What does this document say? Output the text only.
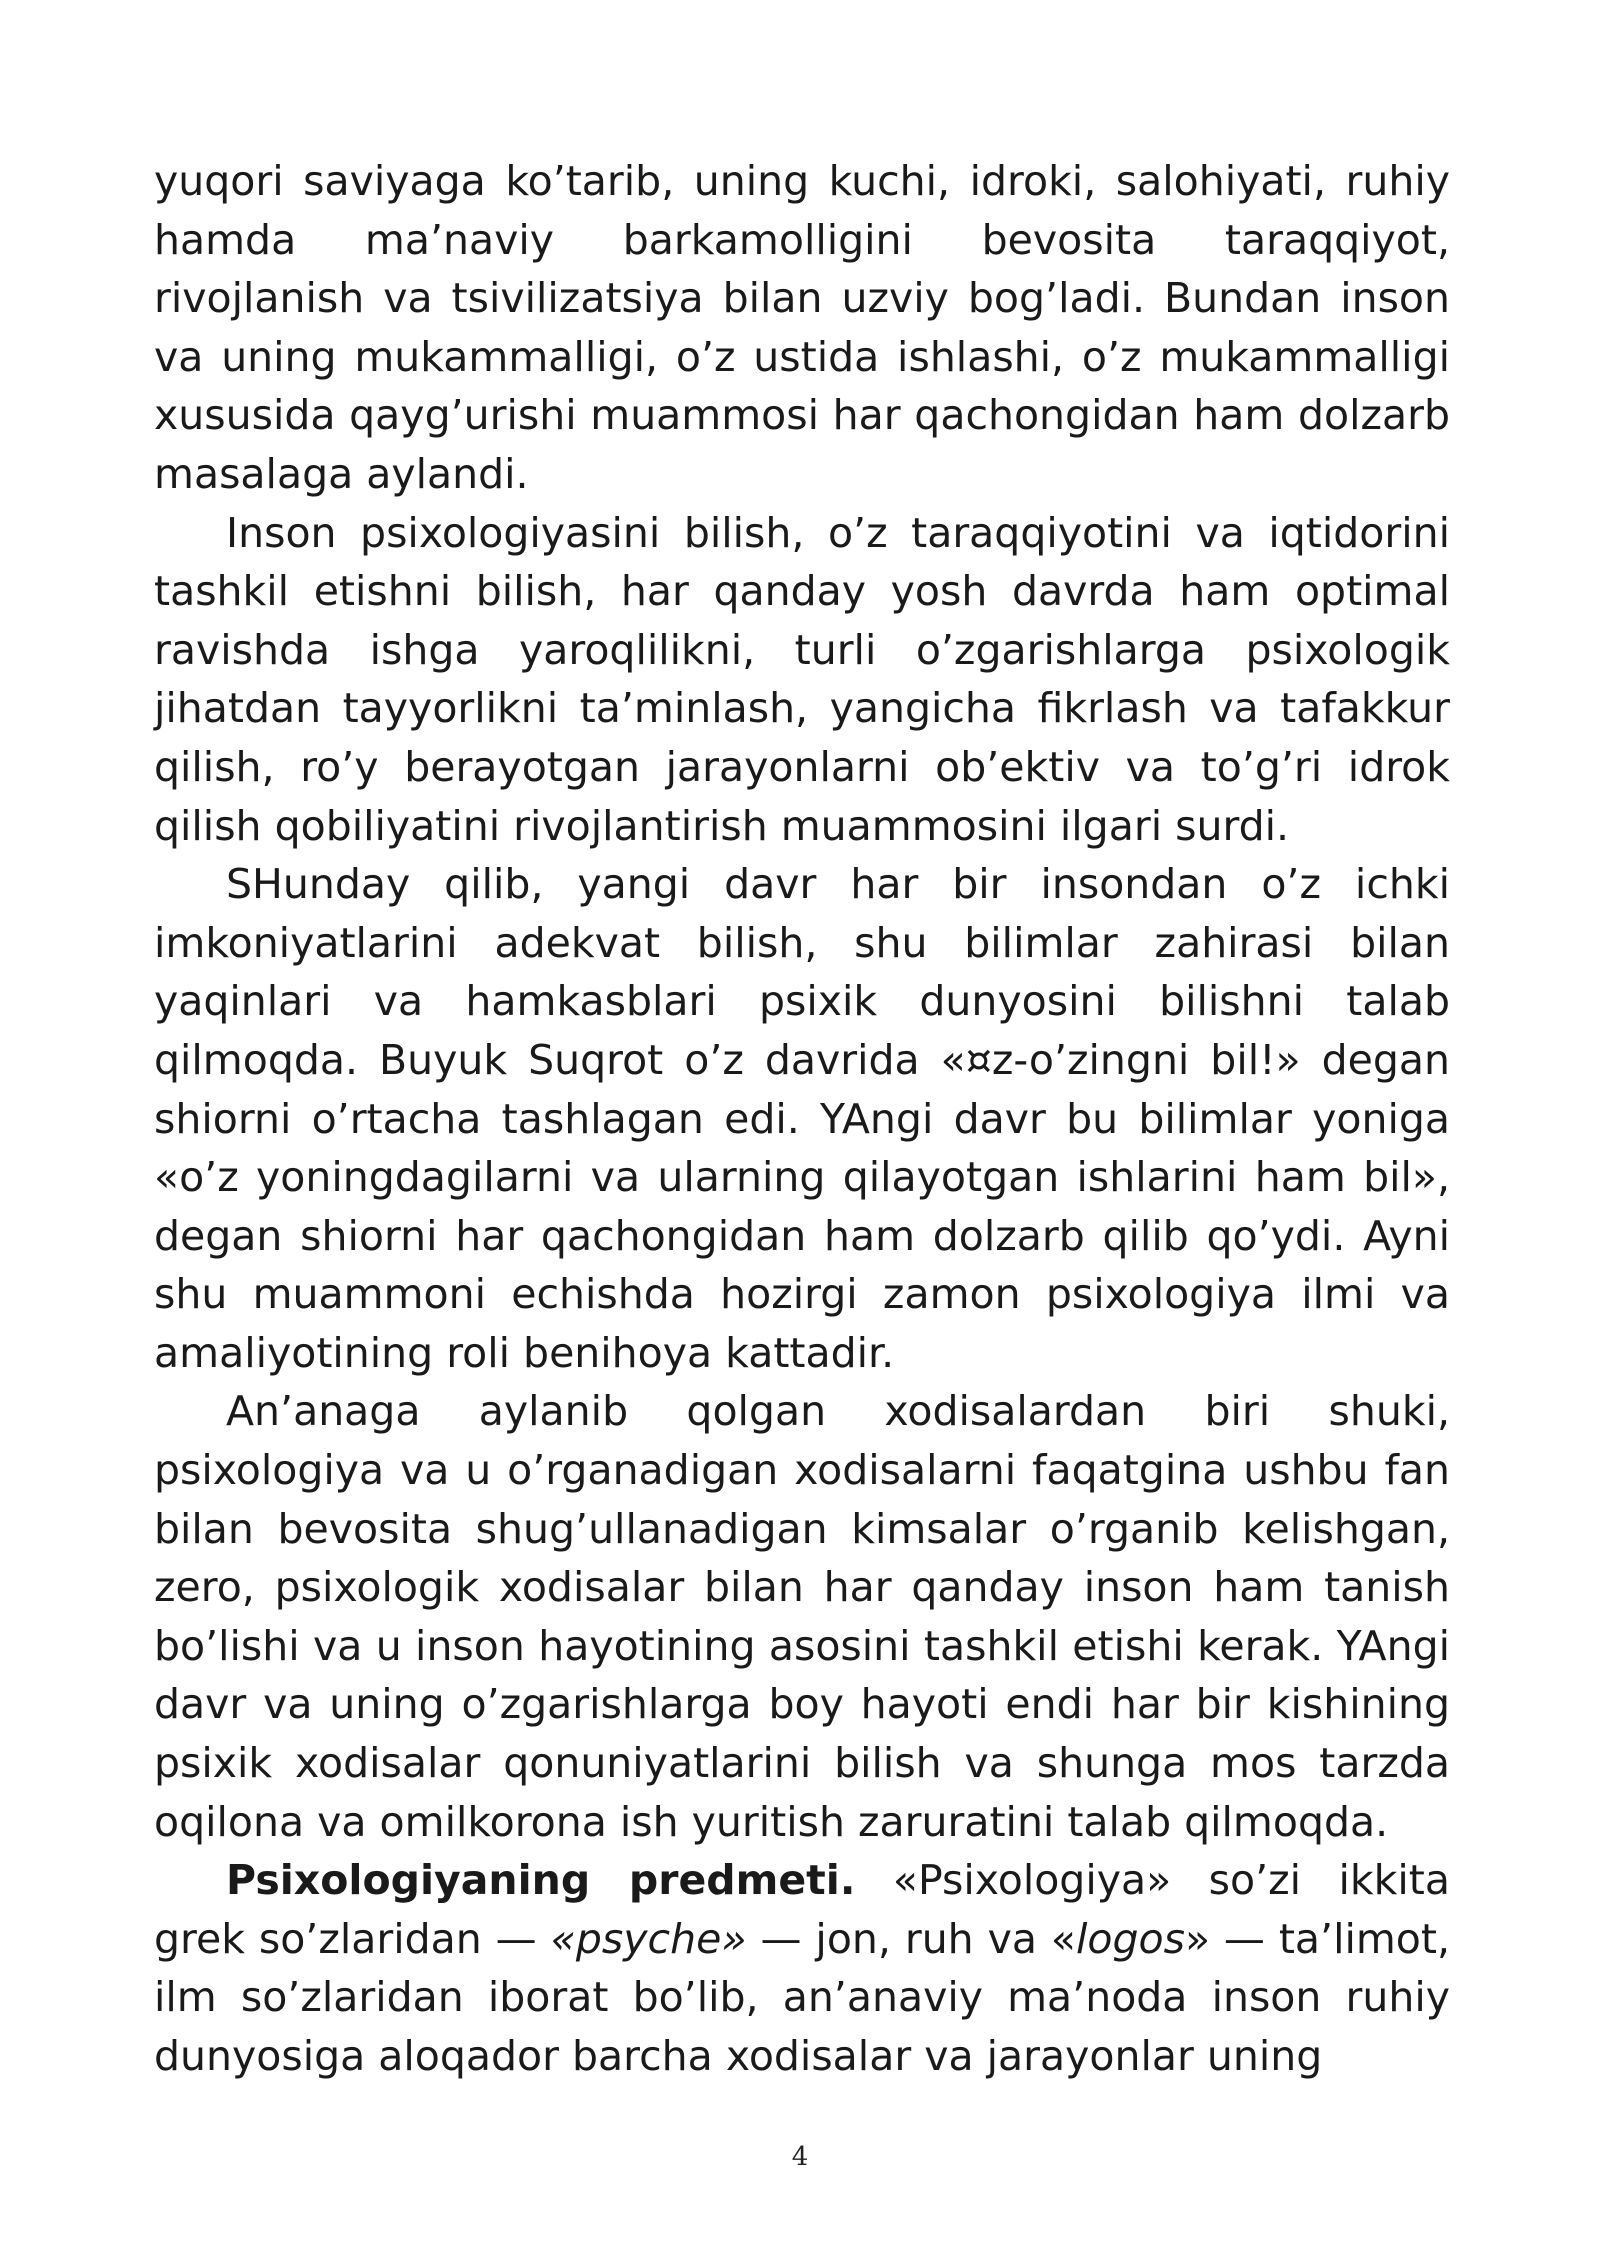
yuqori saviyaga ko’tarib, uning kuchi, idroki, salohiyati, ruhiy hamda ma’naviy barkamolligini bevosita taraqqiyot, rivojlanish va tsivilizatsiya bilan uzviy bog’ladi. Bundan inson va uning mukammalligi, o’z ustida ishlashi, o’z mukammalligi xususida qayg’urishi muammosi har qachongidan ham dolzarb masalaga aylandi.

Inson psixologiyasini bilish, o’z taraqqiyotini va iqtidorini tashkil etishni bilish, har qanday yosh davrda ham optimal ravishda ishga yaroqlilikni, turli o’zgarishlarga psixologik jihatdan tayyorlikni ta’minlash, yangicha fikrlash va tafakkur qilish, ro’y berayotgan jarayonlarni ob’ektiv va to’g’ri idrok qilish qobiliyatini rivojlantirish muammosini ilgari surdi.

SHunday qilib, yangi davr har bir insondan o’z ichki imkoniyatlarini adekvat bilish, shu bilimlar zahirasi bilan yaqinlari va hamkasblari psixik dunyosini bilishni talab qilmoqda. Buyuk Suqrot o’z davrida «¤z-o’zingni bil!» degan shiorni o’rtacha tashlagan edi. YAngi davr bu bilimlar yoniga «o’z yoningdagilarni va ularning qilayotgan ishlarini ham bil», degan shiorni har qachongidan ham dolzarb qilib qo’ydi. Ayni shu muammoni echishda hozirgi zamon psixologiya ilmi va amaliyotining roli benihoya kattadir.

An’anaga aylanib qolgan xodisalardan biri shuki, psixologiya va u o’rganadigan xodisalarni faqatgina ushbu fan bilan bevosita shug’ullanadigan kimsalar o’rganib kelishgan, zero, psixologik xodisalar bilan har qanday inson ham tanish bo’lishi va u inson hayotining asosini tashkil etishi kerak. YAngi davr va uning o’zgarishlarga boy hayoti endi har bir kishining psixik xodisalar qonuniyatlarini bilish va shunga mos tarzda oqilona va omilkorona ish yuritish zaruratini talab qilmoqda.

Psixologiyaning predmeti. «Psixologiya» so’zi ikkita grek so’zlaridan — «psyche» — jon, ruh va «logos» — ta’limot, ilm so’zlaridan iborat bo’lib, an’anaviy ma’noda inson ruhiy dunyosiga aloqador barcha xodisalar va jarayonlar uning

4
